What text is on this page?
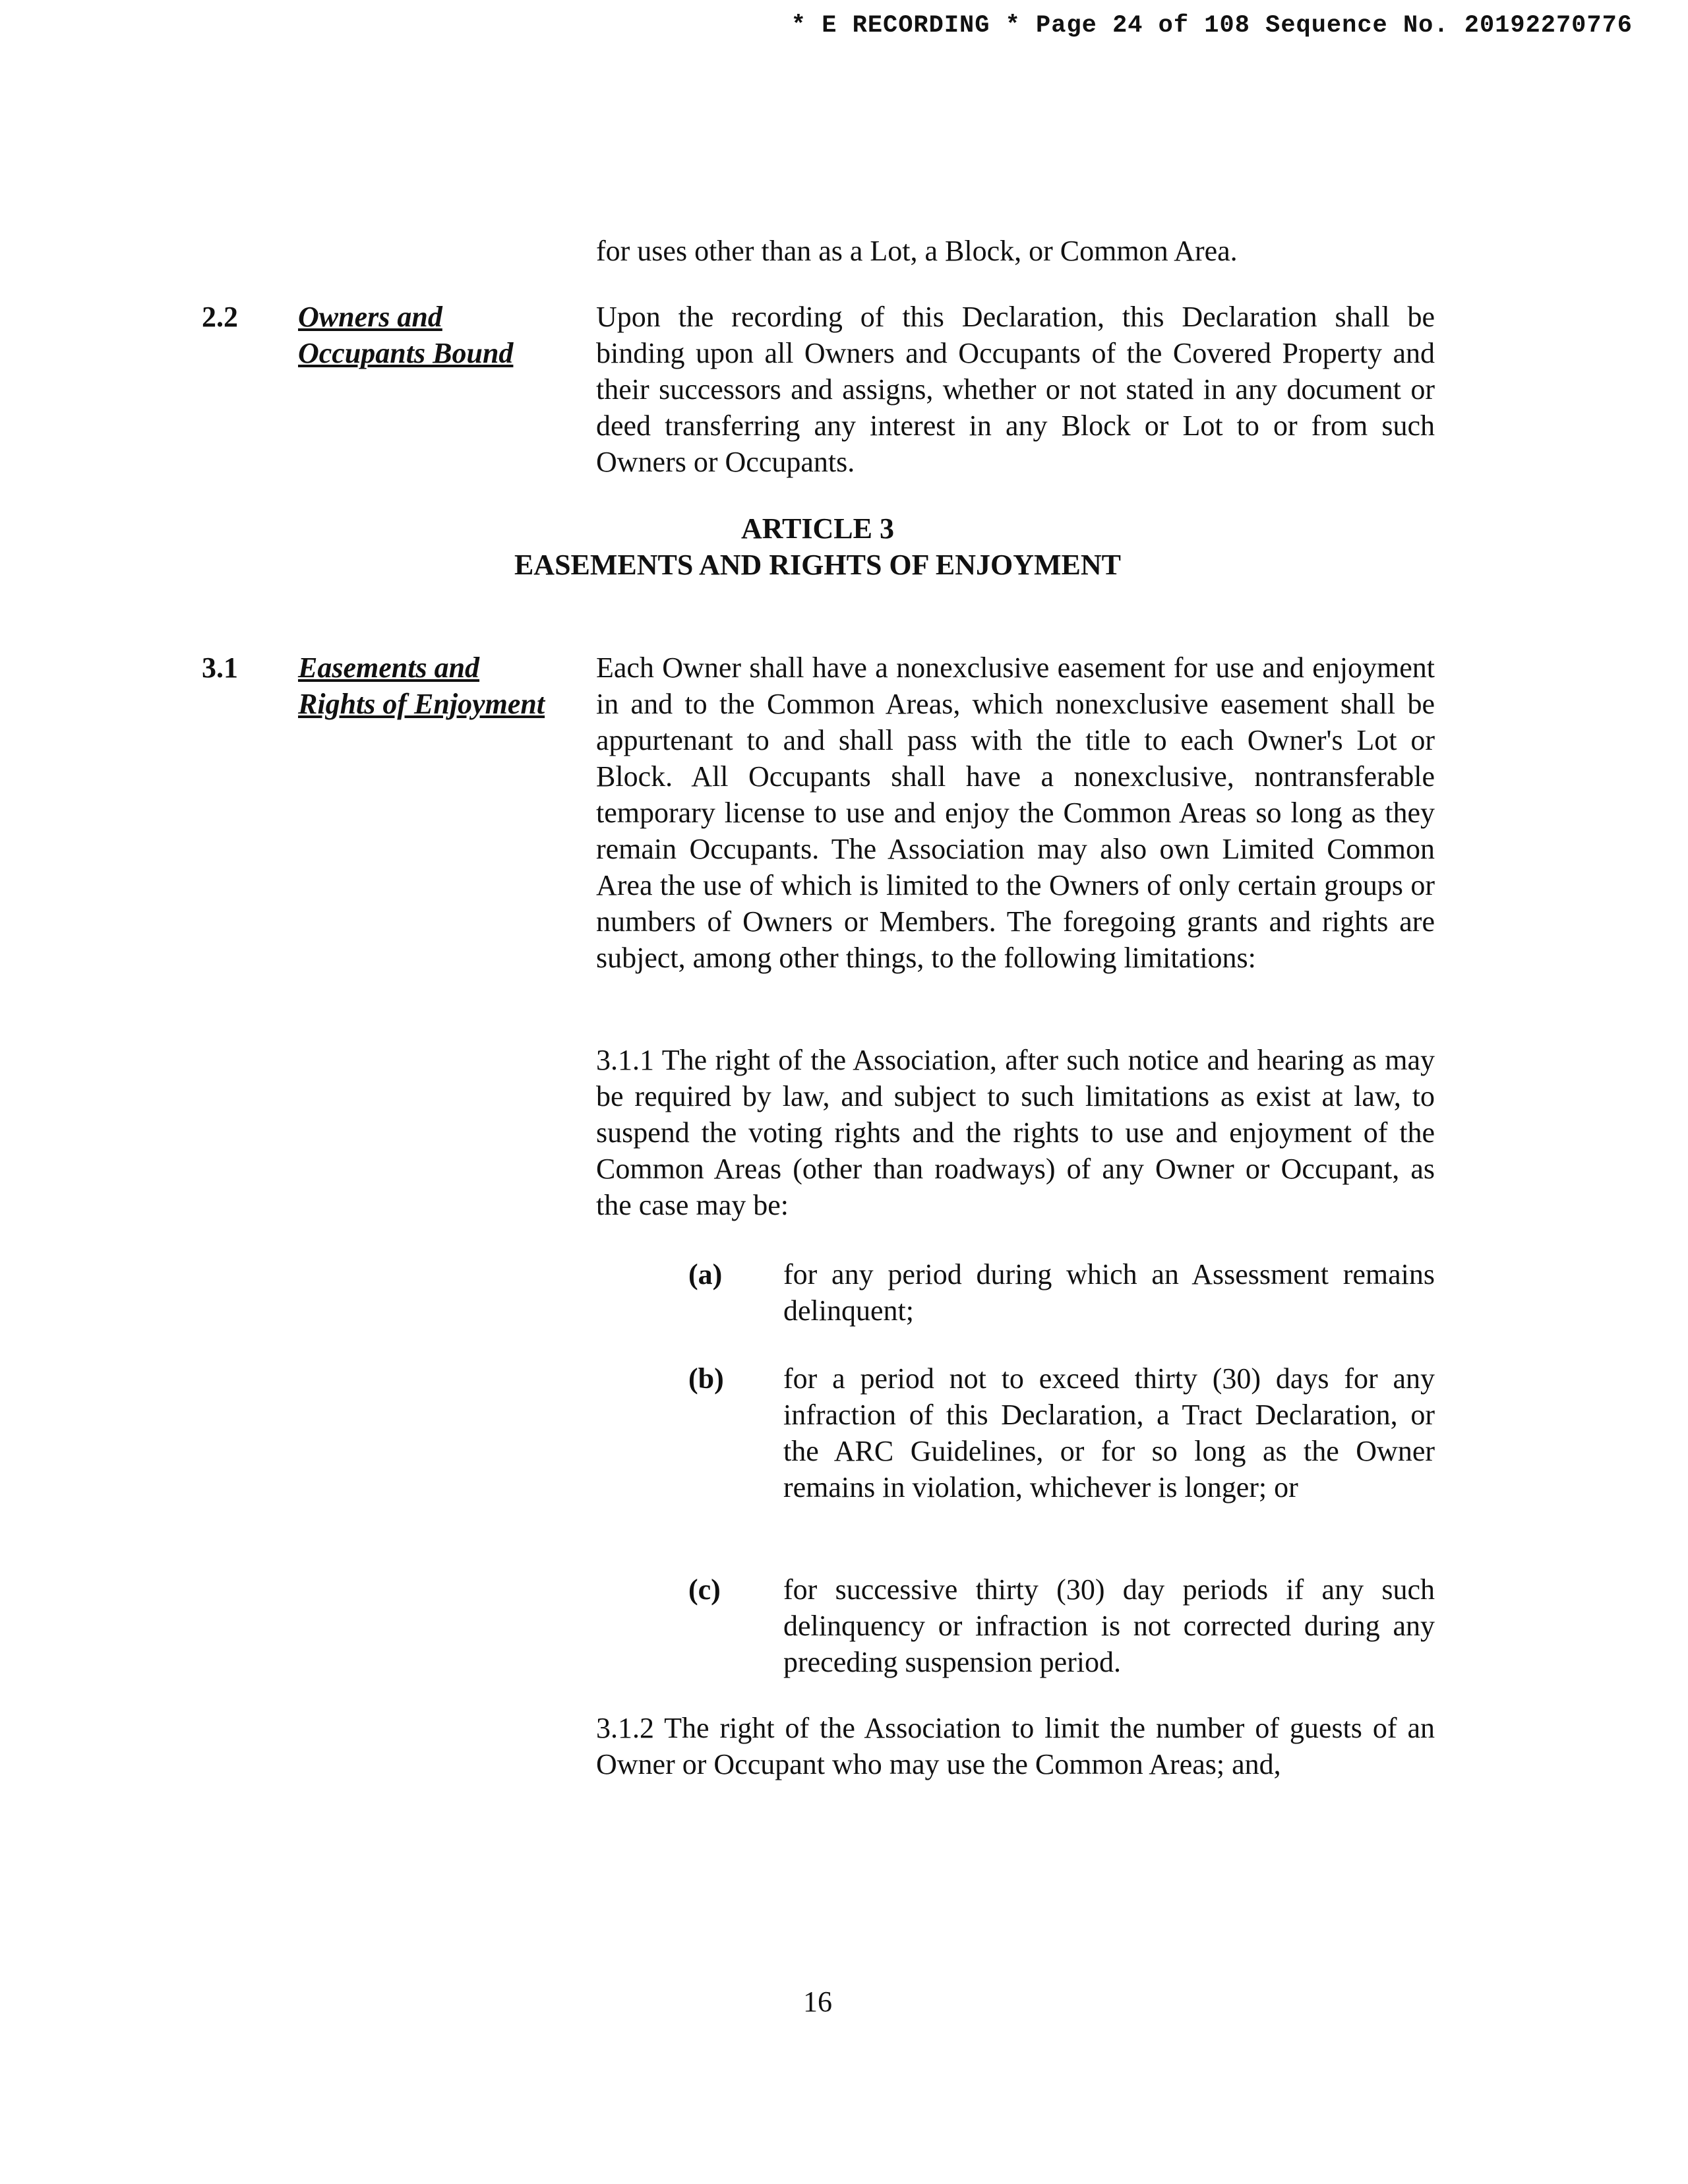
* E RECORDING * Page 24 of 108 Sequence No. 20192270776
for uses other than as a Lot, a Block, or Common Area.
2.2 Owners and
Occupants Bound
Upon the recording of this Declaration, this Declaration shall be binding upon all Owners and Occupants of the Covered Property and their successors and assigns, whether or not stated in any document or deed transferring any interest in any Block or Lot to or from such Owners or Occupants.
ARTICLE 3
EASEMENTS AND RIGHTS OF ENJOYMENT
3.1 Easements and
Rights of Enjoyment
Each Owner shall have a nonexclusive easement for use and enjoyment in and to the Common Areas, which nonexclusive easement shall be appurtenant to and shall pass with the title to each Owner's Lot or Block. All Occupants shall have a nonexclusive, nontransferable temporary license to use and enjoy the Common Areas so long as they remain Occupants. The Association may also own Limited Common Area the use of which is limited to the Owners of only certain groups or numbers of Owners or Members. The foregoing grants and rights are subject, among other things, to the following limitations:
3.1.1 The right of the Association, after such notice and hearing as may be required by law, and subject to such limitations as exist at law, to suspend the voting rights and the rights to use and enjoyment of the Common Areas (other than roadways) of any Owner or Occupant, as the case may be:
(a) for any period during which an Assessment remains delinquent;
(b) for a period not to exceed thirty (30) days for any infraction of this Declaration, a Tract Declaration, or the ARC Guidelines, or for so long as the Owner remains in violation, whichever is longer; or
(c) for successive thirty (30) day periods if any such delinquency or infraction is not corrected during any preceding suspension period.
3.1.2 The right of the Association to limit the number of guests of an Owner or Occupant who may use the Common Areas; and,
16
